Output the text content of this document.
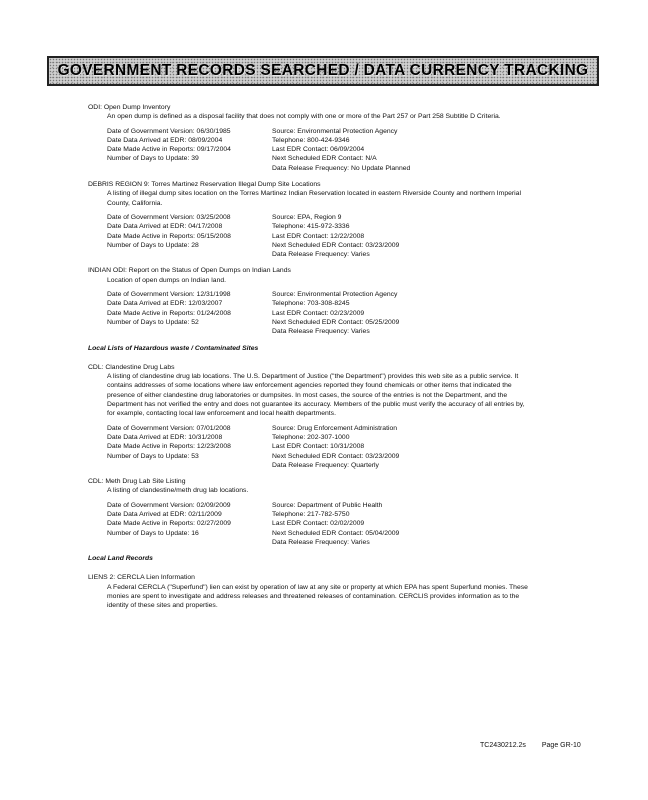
GOVERNMENT RECORDS SEARCHED / DATA CURRENCY TRACKING
ODI: Open Dump Inventory
An open dump is defined as a disposal facility that does not comply with one or more of the Part 257 or Part 258 Subtitle D Criteria.
Date of Government Version: 06/30/1985
Date Data Arrived at EDR: 08/09/2004
Date Made Active in Reports: 09/17/2004
Number of Days to Update: 39
Source: Environmental Protection Agency
Telephone: 800-424-9346
Last EDR Contact: 06/09/2004
Next Scheduled EDR Contact: N/A
Data Release Frequency: No Update Planned
DEBRIS REGION 9: Torres Martinez Reservation Illegal Dump Site Locations
A listing of illegal dump sites location on the Torres Martinez Indian Reservation located in eastern Riverside County and northern Imperial County, California.
Date of Government Version: 03/25/2008
Date Data Arrived at EDR: 04/17/2008
Date Made Active in Reports: 05/15/2008
Number of Days to Update: 28
Source: EPA, Region 9
Telephone: 415-972-3336
Last EDR Contact: 12/22/2008
Next Scheduled EDR Contact: 03/23/2009
Data Release Frequency: Varies
INDIAN ODI: Report on the Status of Open Dumps on Indian Lands
Location of open dumps on Indian land.
Date of Government Version: 12/31/1998
Date Data Arrived at EDR: 12/03/2007
Date Made Active in Reports: 01/24/2008
Number of Days to Update: 52
Source: Environmental Protection Agency
Telephone: 703-308-8245
Last EDR Contact: 02/23/2009
Next Scheduled EDR Contact: 05/25/2009
Data Release Frequency: Varies
Local Lists of Hazardous waste / Contaminated Sites
CDL: Clandestine Drug Labs
A listing of clandestine drug lab locations. The U.S. Department of Justice ("the Department") provides this web site as a public service. It contains addresses of some locations where law enforcement agencies reported they found chemicals or other items that indicated the presence of either clandestine drug laboratories or dumpsites. In most cases, the source of the entries is not the Department, and the Department has not verified the entry and does not guarantee its accuracy. Members of the public must verify the accuracy of all entries by, for example, contacting local law enforcement and local health departments.
Date of Government Version: 07/01/2008
Date Data Arrived at EDR: 10/31/2008
Date Made Active in Reports: 12/23/2008
Number of Days to Update: 53
Source: Drug Enforcement Administration
Telephone: 202-307-1000
Last EDR Contact: 10/31/2008
Next Scheduled EDR Contact: 03/23/2009
Data Release Frequency: Quarterly
CDL: Meth Drug Lab Site Listing
A listing of clandestine/meth drug lab locations.
Date of Government Version: 02/09/2009
Date Data Arrived at EDR: 02/11/2009
Date Made Active in Reports: 02/27/2009
Number of Days to Update: 16
Source: Department of Public Health
Telephone: 217-782-5750
Last EDR Contact: 02/02/2009
Next Scheduled EDR Contact: 05/04/2009
Data Release Frequency: Varies
Local Land Records
LIENS 2: CERCLA Lien Information
A Federal CERCLA ("Superfund") lien can exist by operation of law at any site or property at which EPA has spent Superfund monies. These monies are spent to investigate and address releases and threatened releases of contamination. CERCLIS provides information as to the identity of these sites and properties.
TC2430212.2s Page GR-10
